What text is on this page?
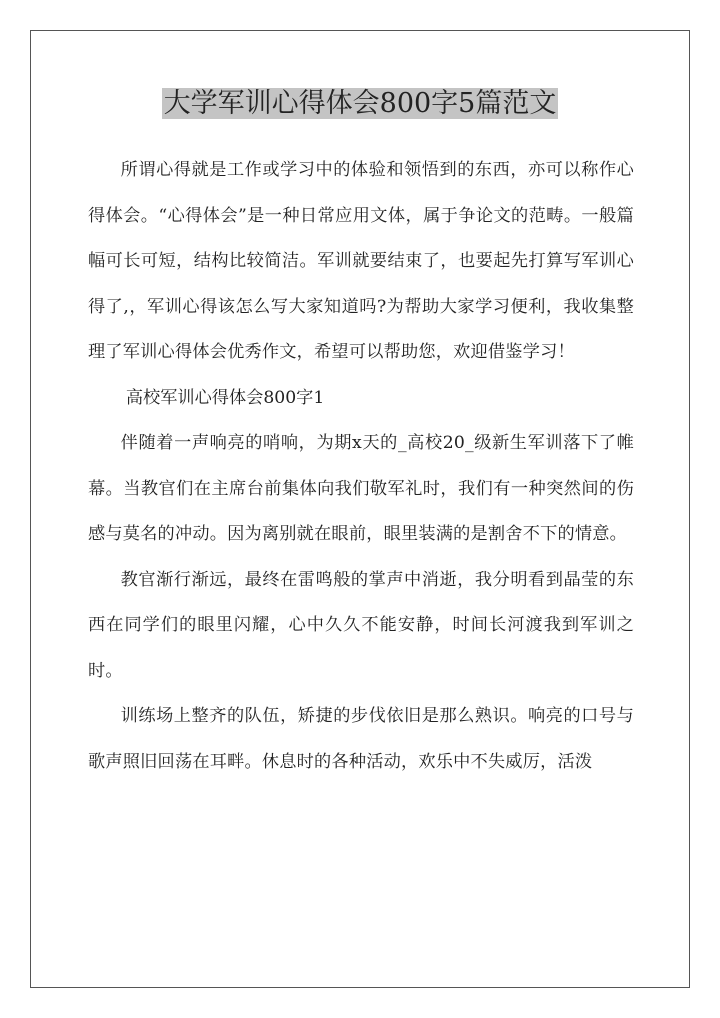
大学军训心得体会800字5篇范文

所谓心得就是工作或学习中的体验和领悟到的东西，亦可以称作心得体会。“心得体会”是一种日常应用文体，属于争论文的范畴。一般篇幅可长可短，结构比较简洁。军训就要结束了，也要起先打算写军训心得了,，军训心得该怎么写大家知道吗?为帮助大家学习便利，我收集整理了军训心得体会优秀作文，希望可以帮助您，欢迎借鉴学习！

高校军训心得体会800字1

伴随着一声响亮的哨响，为期x天的_高校20_级新生军训落下了帷幕。当教官们在主席台前集体向我们敬军礼时，我们有一种突然间的伤感与莫名的冲动。因为离别就在眼前，眼里装满的是割舍不下的情意。

教官渐行渐远，最终在雷鸣般的掌声中消逝，我分明看到晶莹的东西在同学们的眼里闪耀，心中久久不能安静，时间长河渡我到军训之时。

训练场上整齐的队伍，矫捷的步伐依旧是那么熟识。响亮的口号与歌声照旧回荡在耳畔。休息时的各种活动，欢乐中不失威厉，活泼
